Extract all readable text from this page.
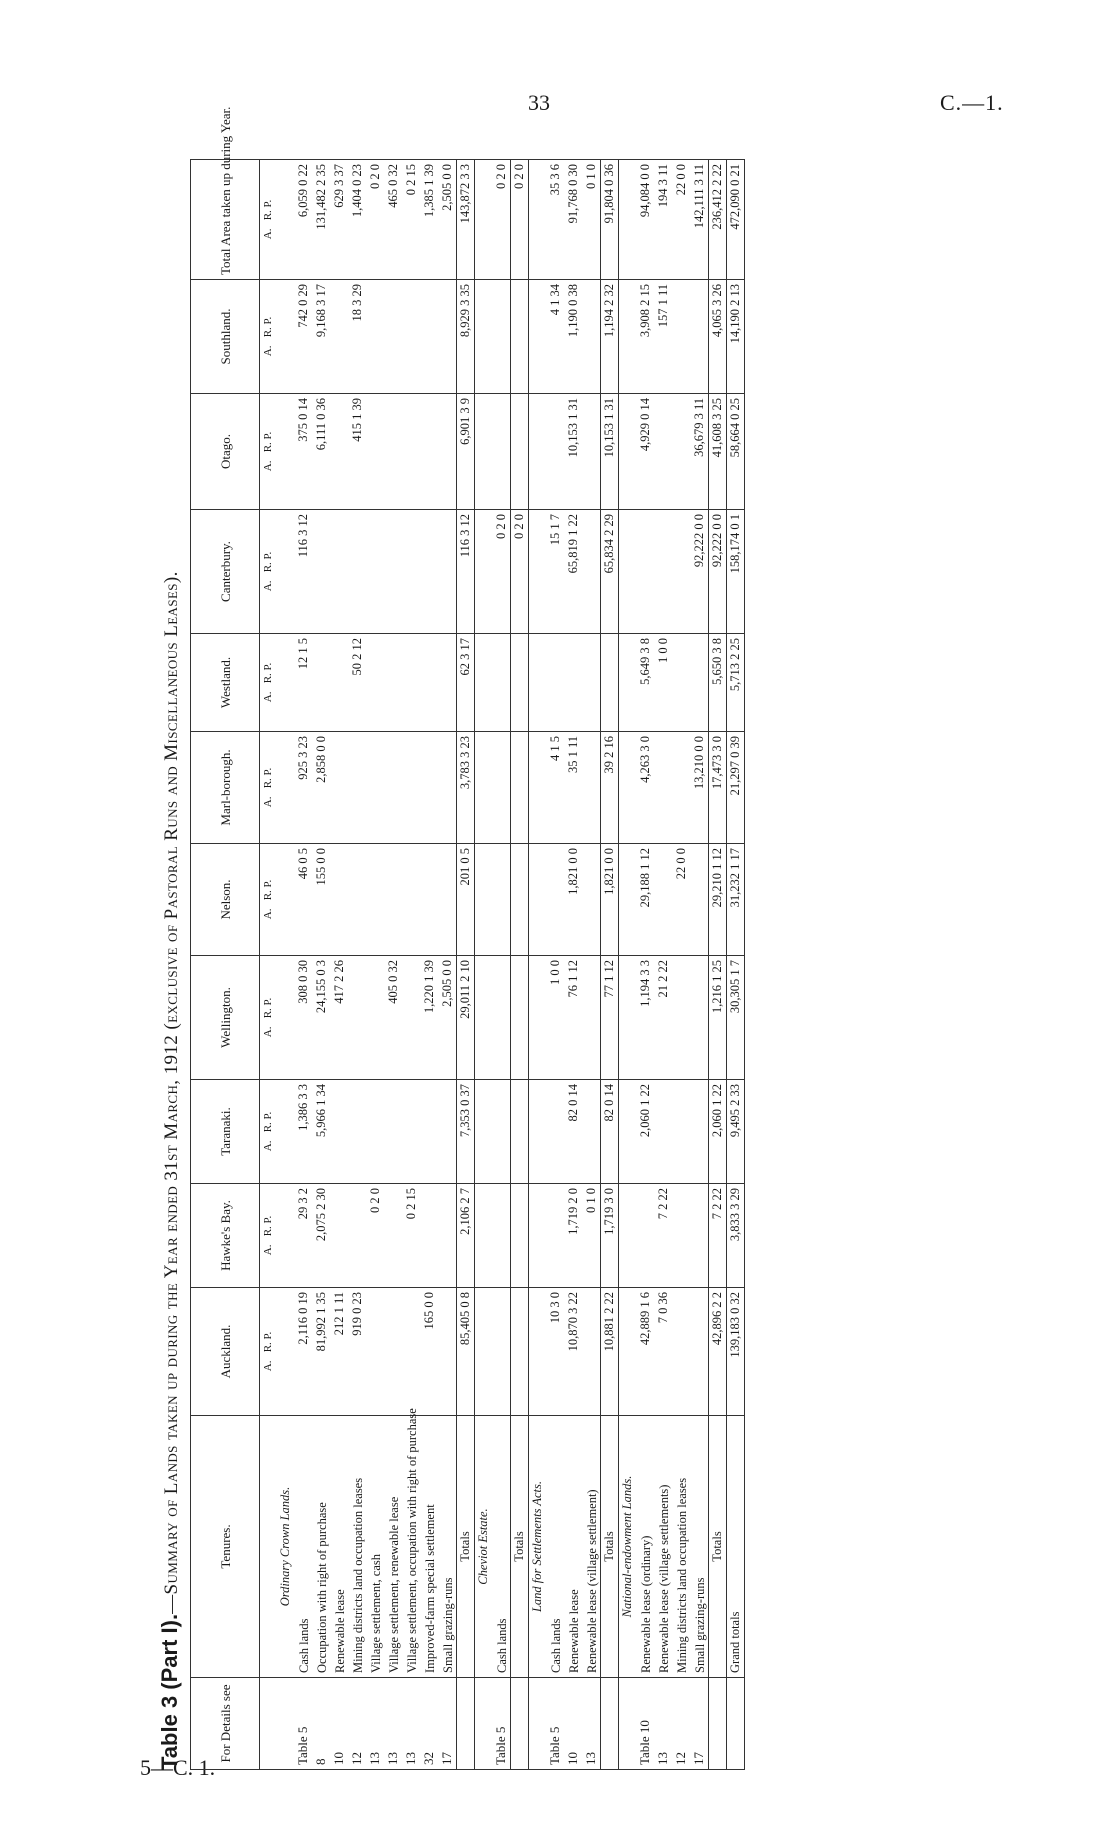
33	C.—1.
5—C. 1.
Table 3 (Part I).—Summary of Lands taken up during the Year ended 31st March, 1912 (exclusive of Pastoral Runs and Miscellaneous Leases).
For Details see	Tenures.	Auckland.	Hawke's Bay.	Taranaki.	Wellington.	Nelson.	Marl-borough.	Westland.	Canterbury.	Otago.	Southland.	Total Area taken up during Year.
		A.   R. P.	A.   R. P.	A.   R. P.	A.   R. P.	A.   R. P.	A.   R. P.	A.   R. P.	A.   R. P.	A.   R. P.	A.   R. P.	A.   R. P.
	Ordinary Crown Lands.											
Table 5	Cash lands	2,116 0 19	29 3 2	1,386 3 3	308 0 30	46 0 5	925 3 23	12 1 5	116 3 12	375 0 14	742 0 29	6,059 0 22
8	Occupation with right of purchase	81,992 1 35	2,075 2 30	5,966 1 34	24,155 0 3	155 0 0	2,858 0 0			6,111 0 36	9,168 3 17	131,482 2 35
10	Renewable lease	212 1 11			417 2 26							629 3 37
12	Mining districts land occupation leases	919 0 23						50 2 12		415 1 39	18 3 29	1,404 0 23
13	Village settlement, cash		0 2 0									0 2 0
13	Village settlement, renewable lease				405 0 32							465 0 32
13	Village settlement, occupation with right of purchase		0 2 15									0 2 15
32	Improved-farm special settlement	165 0 0			1,220 1 39							1,385 1 39
17	Small grazing-runs				2,505 0 0							2,505 0 0
	Totals	85,405 0 8	2,106 2 7	7,353 0 37	29,011 2 10	201 0 5	3,783 3 23	62 3 17	116 3 12	6,901 3 9	8,929 3 35	143,872 3 3
	Cheviot Estate.											
Table 5	Cash lands								0 2 0			0 2 0
	Totals								0 2 0			0 2 0
	Land for Settlements Acts.											
Table 5	Cash lands	10 3 0			1 0 0		4 1 5		15 1 7		4 1 34	35 3 6
10	Renewable lease	10,870 3 22	1,719 2 0	82 0 14	76 1 12	1,821 0 0	35 1 11		65,819 1 22	10,153 1 31	1,190 0 38	91,768 0 30
13	Renewable lease (village settlement)		0 1 0									0 1 0
	Totals	10,881 2 22	1,719 3 0	82 0 14	77 1 12	1,821 0 0	39 2 16		65,834 2 29	10,153 1 31	1,194 2 32	91,804 0 36
	National-endowment Lands.											
Table 10	Renewable lease (ordinary)	42,889 1 6		2,060 1 22	1,194 3 3	29,188 1 12	4,263 3 0	5,649 3 8		4,929 0 14	3,908 2 15	94,084 0 0
13	Renewable lease (village settlements)	7 0 36	7 2 22		21 2 22			1 0 0			157 1 11	194 3 11
12	Mining districts land occupation leases					22 0 0						22 0 0
17	Small grazing-runs						13,210 0 0		92,222 0 0	36,679 3 11		142,111 3 11
	Totals	42,896 2 2	7 2 22	2,060 1 22	1,216 1 25	29,210 1 12	17,473 3 0	5,650 3 8	92,222 0 0	41,608 3 25	4,065 3 26	236,412 2 22
	Grand totals	139,183 0 32	3,833 3 29	9,495 2 33	30,305 1 7	31,232 1 17	21,297 0 39	5,713 2 25	158,174 0 1	58,664 0 25	14,190 2 13	472,090 0 21
